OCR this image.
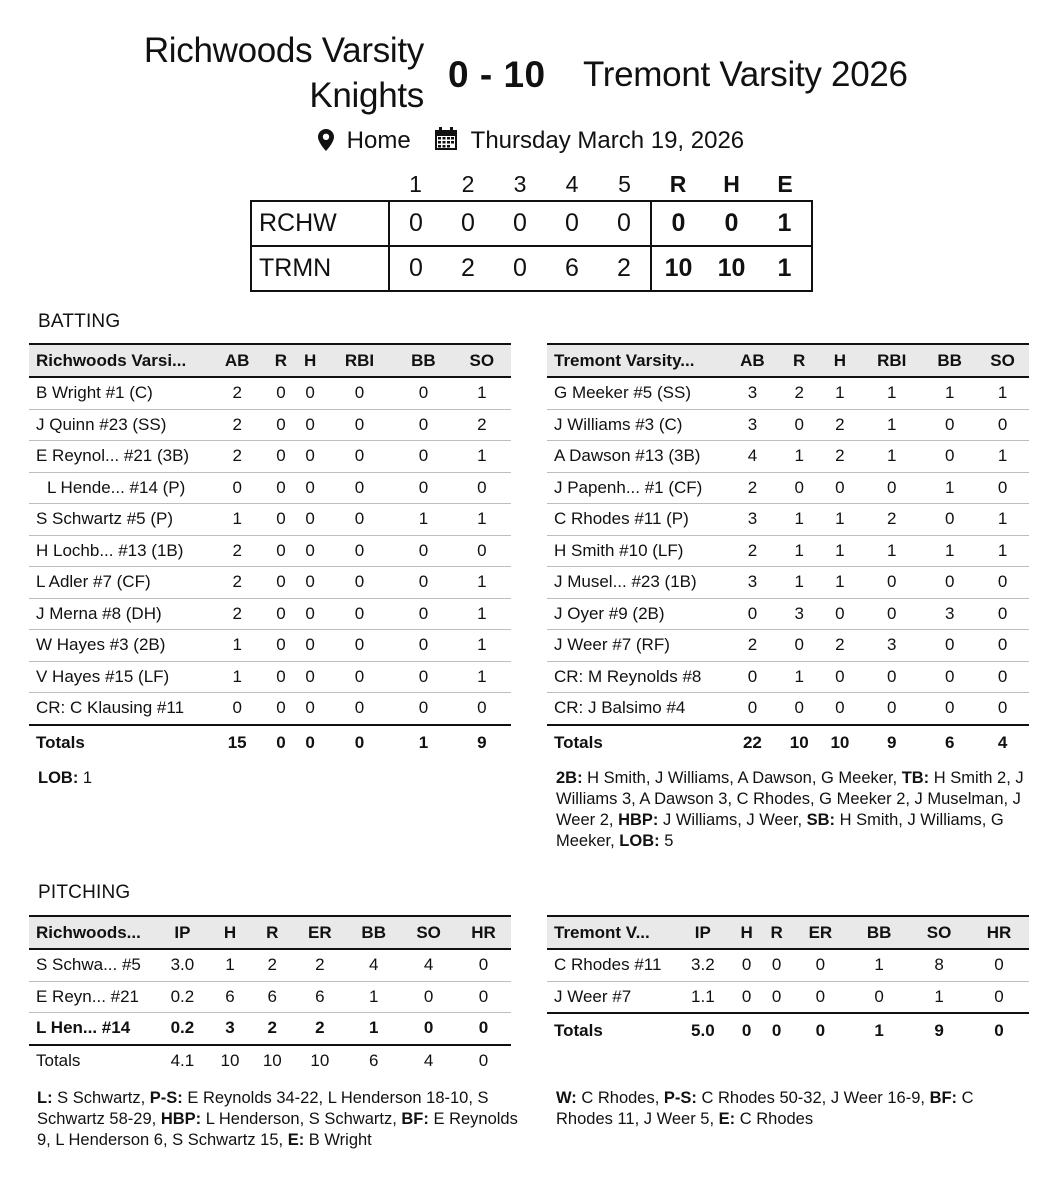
Richwoods Varsity
Knights
0 - 10 Tremont Varsity 2026
Home	Thursday March 19, 2026
	1	2	3	4	5	R	H	E
RCHW	0	0	0	0	0	0	0	1
TRMN	0	2	0	6	2	10	10	1
BATTING
Richwoods Varsi...	AB	R	H	RBI	BB	SO
B Wright #1 (C)	2	0	0	0	0	1
J Quinn #23 (SS)	2	0	0	0	0	2
E Reynol... #21 (3B)	2	0	0	0	0	1
L Hende... #14 (P)	0	0	0	0	0	0
S Schwartz #5 (P)	1	0	0	0	1	1
H Lochb... #13 (1B)	2	0	0	0	0	0
L Adler #7 (CF)	2	0	0	0	0	1
J Merna #8 (DH)	2	0	0	0	0	1
W Hayes #3 (2B)	1	0	0	0	0	1
V Hayes #15 (LF)	1	0	0	0	0	1
CR: C Klausing #11	0	0	0	0	0	0
Totals	15	0	0	0	1	9
Tremont Varsity...	AB	R	H	RBI	BB	SO
G Meeker #5 (SS)	3	2	1	1	1	1
J Williams #3 (C)	3	0	2	1	0	0
A Dawson #13 (3B)	4	1	2	1	0	1
J Papenh... #1 (CF)	2	0	0	0	1	0
C Rhodes #11 (P)	3	1	1	2	0	1
H Smith #10 (LF)	2	1	1	1	1	1
J Musel... #23 (1B)	3	1	1	0	0	0
J Oyer #9 (2B)	0	3	0	0	3	0
J Weer #7 (RF)	2	0	2	3	0	0
CR: M Reynolds #8	0	1	0	0	0	0
CR: J Balsimo #4	0	0	0	0	0	0
Totals	22	10	10	9	6	4
LOB: 1	2B: H Smith, J Williams, A Dawson, G Meeker, TB: H Smith 2, J Williams 3, A Dawson 3, C Rhodes, G Meeker 2, J Muselman, J Weer 2, HBP: J Williams, J Weer, SB: H Smith, J Williams, G Meeker, LOB: 5
PITCHING
Richwoods...	IP	H	R	ER	BB	SO	HR
S Schwa... #5	3.0	1	2	2	4	4	0
E Reyn... #21	0.2	6	6	6	1	0	0
L Hen... #14	0.2	3	2	2	1	0	0
Totals	4.1	10	10	10	6	4	0
Tremont V...	IP	H	R	ER	BB	SO	HR
C Rhodes #11	3.2	0	0	0	1	8	0
J Weer #7	1.1	0	0	0	0	1	0
Totals	5.0	0	0	0	1	9	0
L: S Schwartz, P-S: E Reynolds 34-22, L Henderson 18-10, S Schwartz 58-29, HBP: L Henderson, S Schwartz, BF: E Reynolds 9, L Henderson 6, S Schwartz 15, E: B Wright
W: C Rhodes, P-S: C Rhodes 50-32, J Weer 16-9, BF: C Rhodes 11, J Weer 5, E: C Rhodes
